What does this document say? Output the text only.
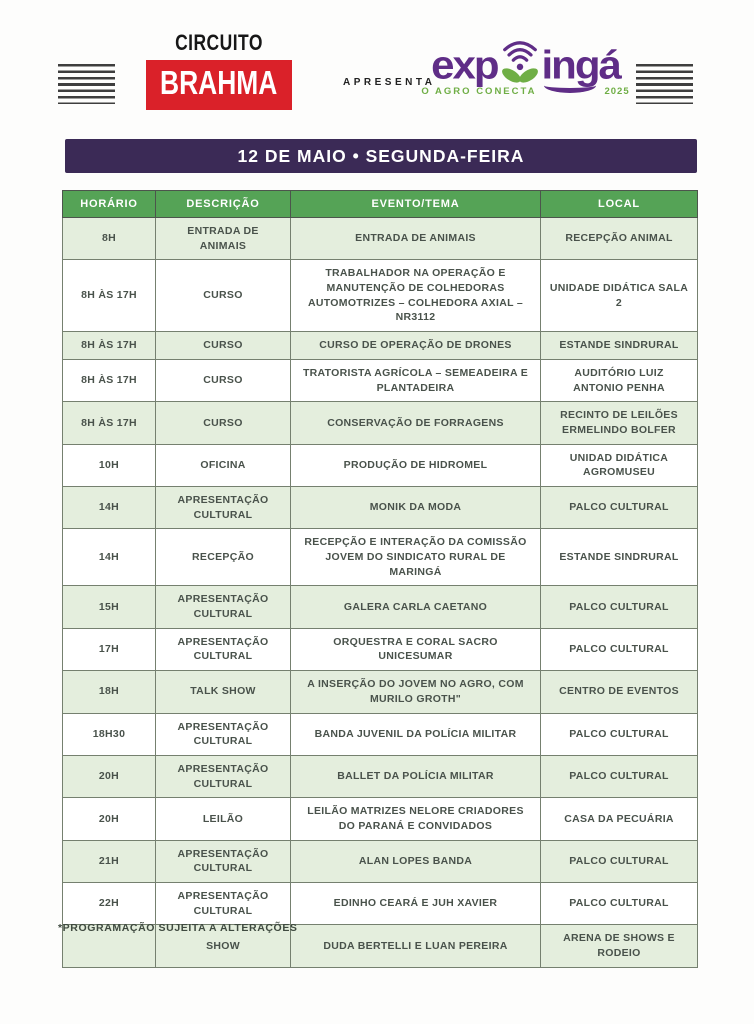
CIRCUITO
BRAHMA	APRESENTA
exp ingá
O AGRO CONECTA	2025
12 DE MAIO • SEGUNDA-FEIRA
HORÁRIO	DESCRIÇÃO	EVENTO/TEMA	LOCAL
8H	ENTRADA DE ANIMAIS	ENTRADA DE ANIMAIS	RECEPÇÃO ANIMAL
8H ÀS 17H	CURSO	TRABALHADOR NA OPERAÇÃO E MANUTENÇÃO DE COLHEDORAS AUTOMOTRIZES – COLHEDORA AXIAL – NR3112	UNIDADE DIDÁTICA SALA 2
8H ÀS 17H	CURSO	CURSO DE OPERAÇÃO DE DRONES	ESTANDE SINDRURAL
8H ÀS 17H	CURSO	TRATORISTA AGRÍCOLA – SEMEADEIRA E PLANTADEIRA	AUDITÓRIO LUIZ ANTONIO PENHA
8H ÀS 17H	CURSO	CONSERVAÇÃO DE FORRAGENS	RECINTO DE LEILÕES ERMELINDO BOLFER
10H	OFICINA	PRODUÇÃO DE HIDROMEL	UNIDAD DIDÁTICA AGROMUSEU
14H	APRESENTAÇÃO CULTURAL	MONIK DA MODA	PALCO CULTURAL
14H	RECEPÇÃO	RECEPÇÃO E INTERAÇÃO DA COMISSÃO JOVEM DO SINDICATO RURAL DE MARINGÁ	ESTANDE SINDRURAL
15H	APRESENTAÇÃO CULTURAL	GALERA CARLA CAETANO	PALCO CULTURAL
17H	APRESENTAÇÃO CULTURAL	ORQUESTRA E CORAL SACRO UNICESUMAR	PALCO CULTURAL
18H	TALK SHOW	A INSERÇÃO DO JOVEM NO AGRO, COM MURILO GROTH"	CENTRO DE EVENTOS
18H30	APRESENTAÇÃO CULTURAL	BANDA JUVENIL DA POLÍCIA MILITAR	PALCO CULTURAL
20H	APRESENTAÇÃO CULTURAL	BALLET DA POLÍCIA MILITAR	PALCO CULTURAL
20H	LEILÃO	LEILÃO MATRIZES NELORE CRIADORES DO PARANÁ E CONVIDADOS	CASA DA PECUÁRIA
21H	APRESENTAÇÃO CULTURAL	ALAN LOPES BANDA	PALCO CULTURAL
22H	APRESENTAÇÃO CULTURAL	EDINHO CEARÁ E JUH XAVIER	PALCO CULTURAL
	SHOW	DUDA BERTELLI E LUAN PEREIRA	ARENA DE SHOWS E RODEIO
*PROGRAMAÇÃO SUJEITA A ALTERAÇÕES
